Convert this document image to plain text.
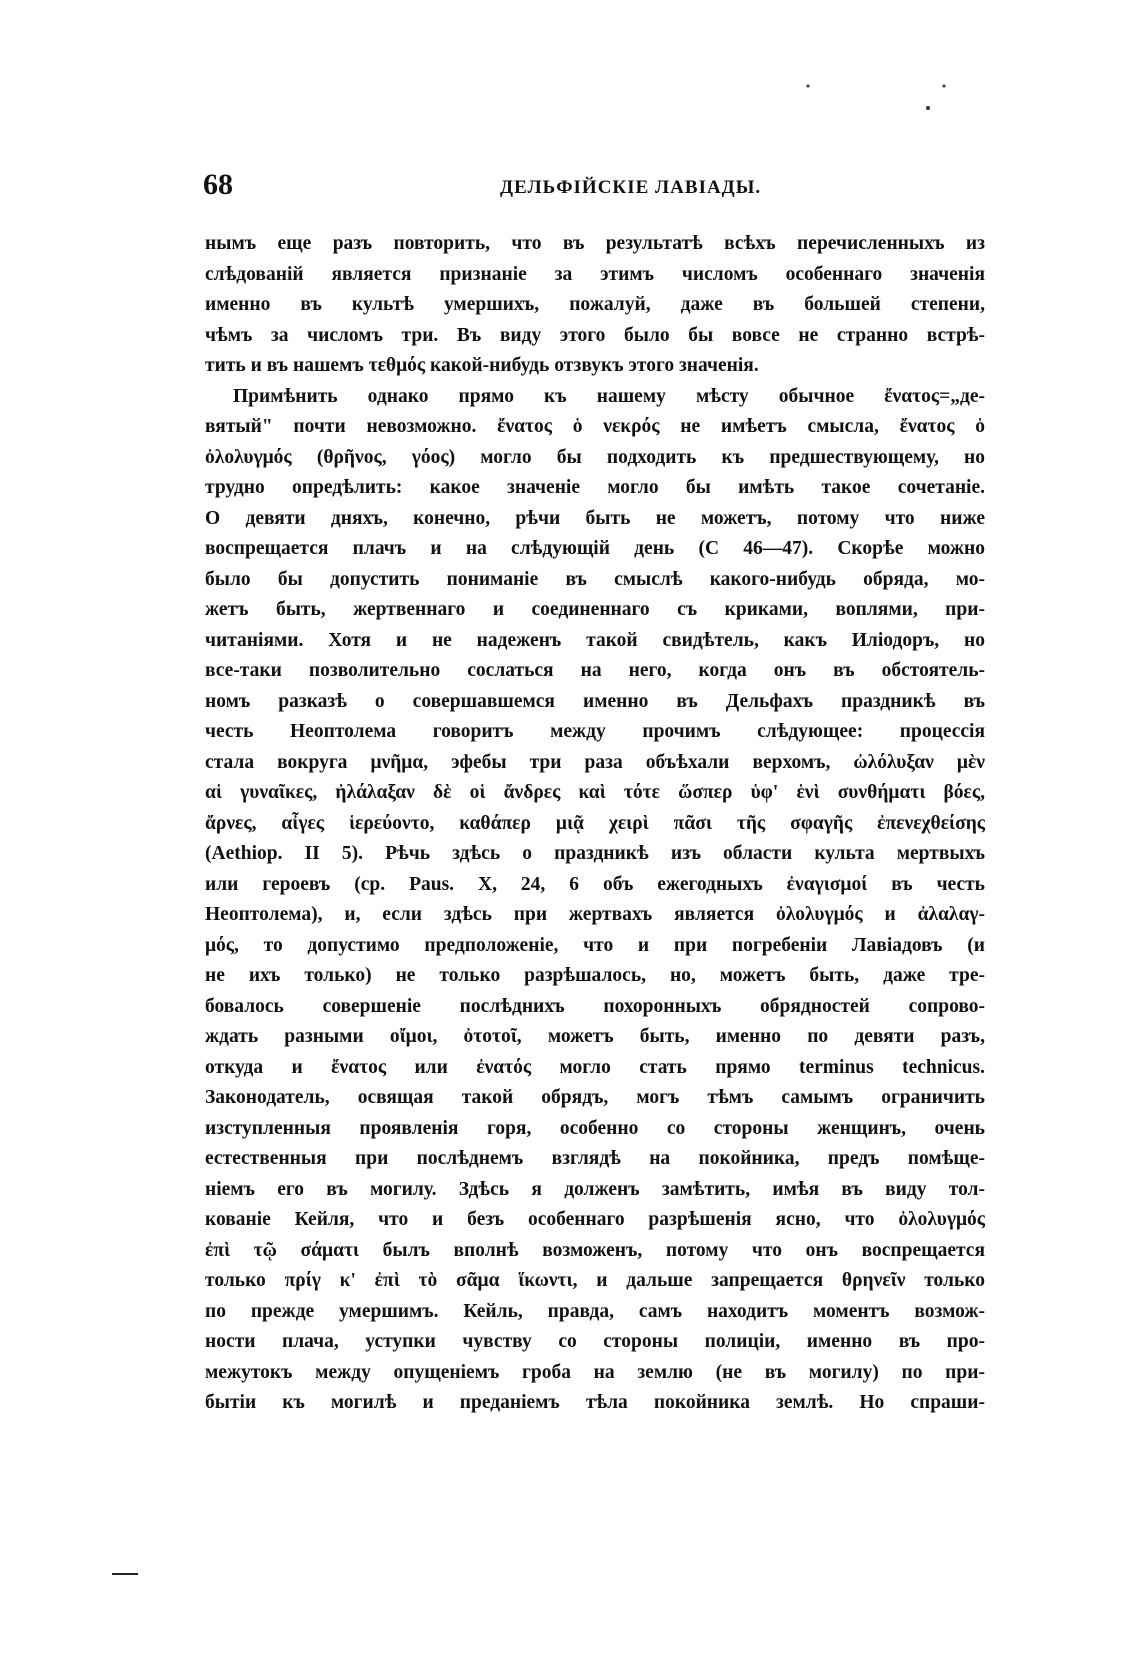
68	ДЕЛЬФІЙСКІЕ ЛАВІАДЫ.
нымъ еще разъ повторить, что въ результатѣ всѣхъ перечисленныхъ из
слѣдованій является признаніе за этимъ числомъ особеннаго значенія
именно въ культѣ умершихъ, пожалуй, даже въ большей степени,
чѣмъ за числомъ три. Въ виду этого было бы вовсе не странно встрѣ-
тить и въ нашемъ τεθμός какой-нибудь отзвукъ этого значенія.
Примѣнить однако прямо къ нашему мѣсту обычное ἔνατος=„де-
вятый" почти невозможно. ἔνατος ὁ νεκρός не имѣетъ смысла, ἔνατος ὁ
ὀλολυγμός (θρῆνος, γόος) могло бы подходить къ предшествующему, но
трудно опредѣлить: какое значеніе могло бы имѣть такое сочетаніе.
О девяти дняхъ, конечно, рѣчи быть не можетъ, потому что ниже
воспрещается плачъ и на слѣдующій день (С 46—47). Скорѣе можно
было бы допустить пониманіе въ смыслѣ какого-нибудь обряда, мо-
жетъ быть, жертвеннаго и соединеннаго съ криками, воплями, при-
читаніями. Хотя и не надеженъ такой свидѣтель, какъ Иліодоръ, но
все-таки позволительно сослаться на него, когда онъ въ обстоятель-
номъ разказѣ о совершавшемся именно въ Дельфахъ праздникѣ въ
честь Неоптолема говоритъ между прочимъ слѣдующее: процессія
стала вокруга μνῆμα, эфебы три раза объѣхали верхомъ, ὠλόλυξαν μὲν
αἱ γυναῖκες, ἠλάλαξαν δὲ οἱ ἄνδρες καὶ τότε ὥσπερ ὑφ' ἑνὶ συνθήματι βόες,
ἄρνες, αἶγες ἱερεύοντο, καθάπερ μιᾷ χειρὶ πᾶσι τῆς σφαγῆς ἐπενεχθείσης
(Aethiop. II 5). Рѣчь здѣсь о праздникѣ изъ области культа мертвыхъ
или героевъ (ср. Paus. X, 24, 6 объ ежегодныхъ ἐναγισμοί въ честь
Неоптолема), и, если здѣсь при жертвахъ является ὀλολυγμός и ἀλαλαγ-
μός, то допустимо предположеніе, что и при погребеніи Лавіадовъ (и
не ихъ только) не только разрѣшалось, но, можетъ быть, даже тре-
бовалось совершеніе послѣднихъ похоронныхъ обрядностей сопрово-
ждать разными οἴμοι, ὀτοτοῖ, можетъ быть, именно по девяти разъ,
откуда и ἔνατος или ἐνατός могло стать прямо terminus technicus.
Законодатель, освящая такой обрядъ, могъ тѣмъ самымъ ограничить
изступленныя проявленія горя, особенно со стороны женщинъ, очень
естественныя при послѣднемъ взглядѣ на покойника, предъ помѣще-
ніемъ его въ могилу. Здѣсь я долженъ замѣтить, имѣя въ виду тол-
кованіе Кейля, что и безъ особеннаго разрѣшенія ясно, что ὀλολυγμός
ἐπὶ τῷ σάματι былъ вполнѣ возможенъ, потому что онъ воспрещается
только πρίγ κ' ἐπὶ τὸ σᾶμα ἵκωντι, и дальше запрещается θρηνεῖν только
по прежде умершимъ. Кейль, правда, самъ находитъ моментъ возмож-
ности плача, уступки чувству со стороны полиціи, именно въ про-
межутокъ между опущеніемъ гроба на землю (не въ могилу) по при-
бытіи къ могилѣ и преданіемъ тѣла покойника землѣ. Но спраши-
